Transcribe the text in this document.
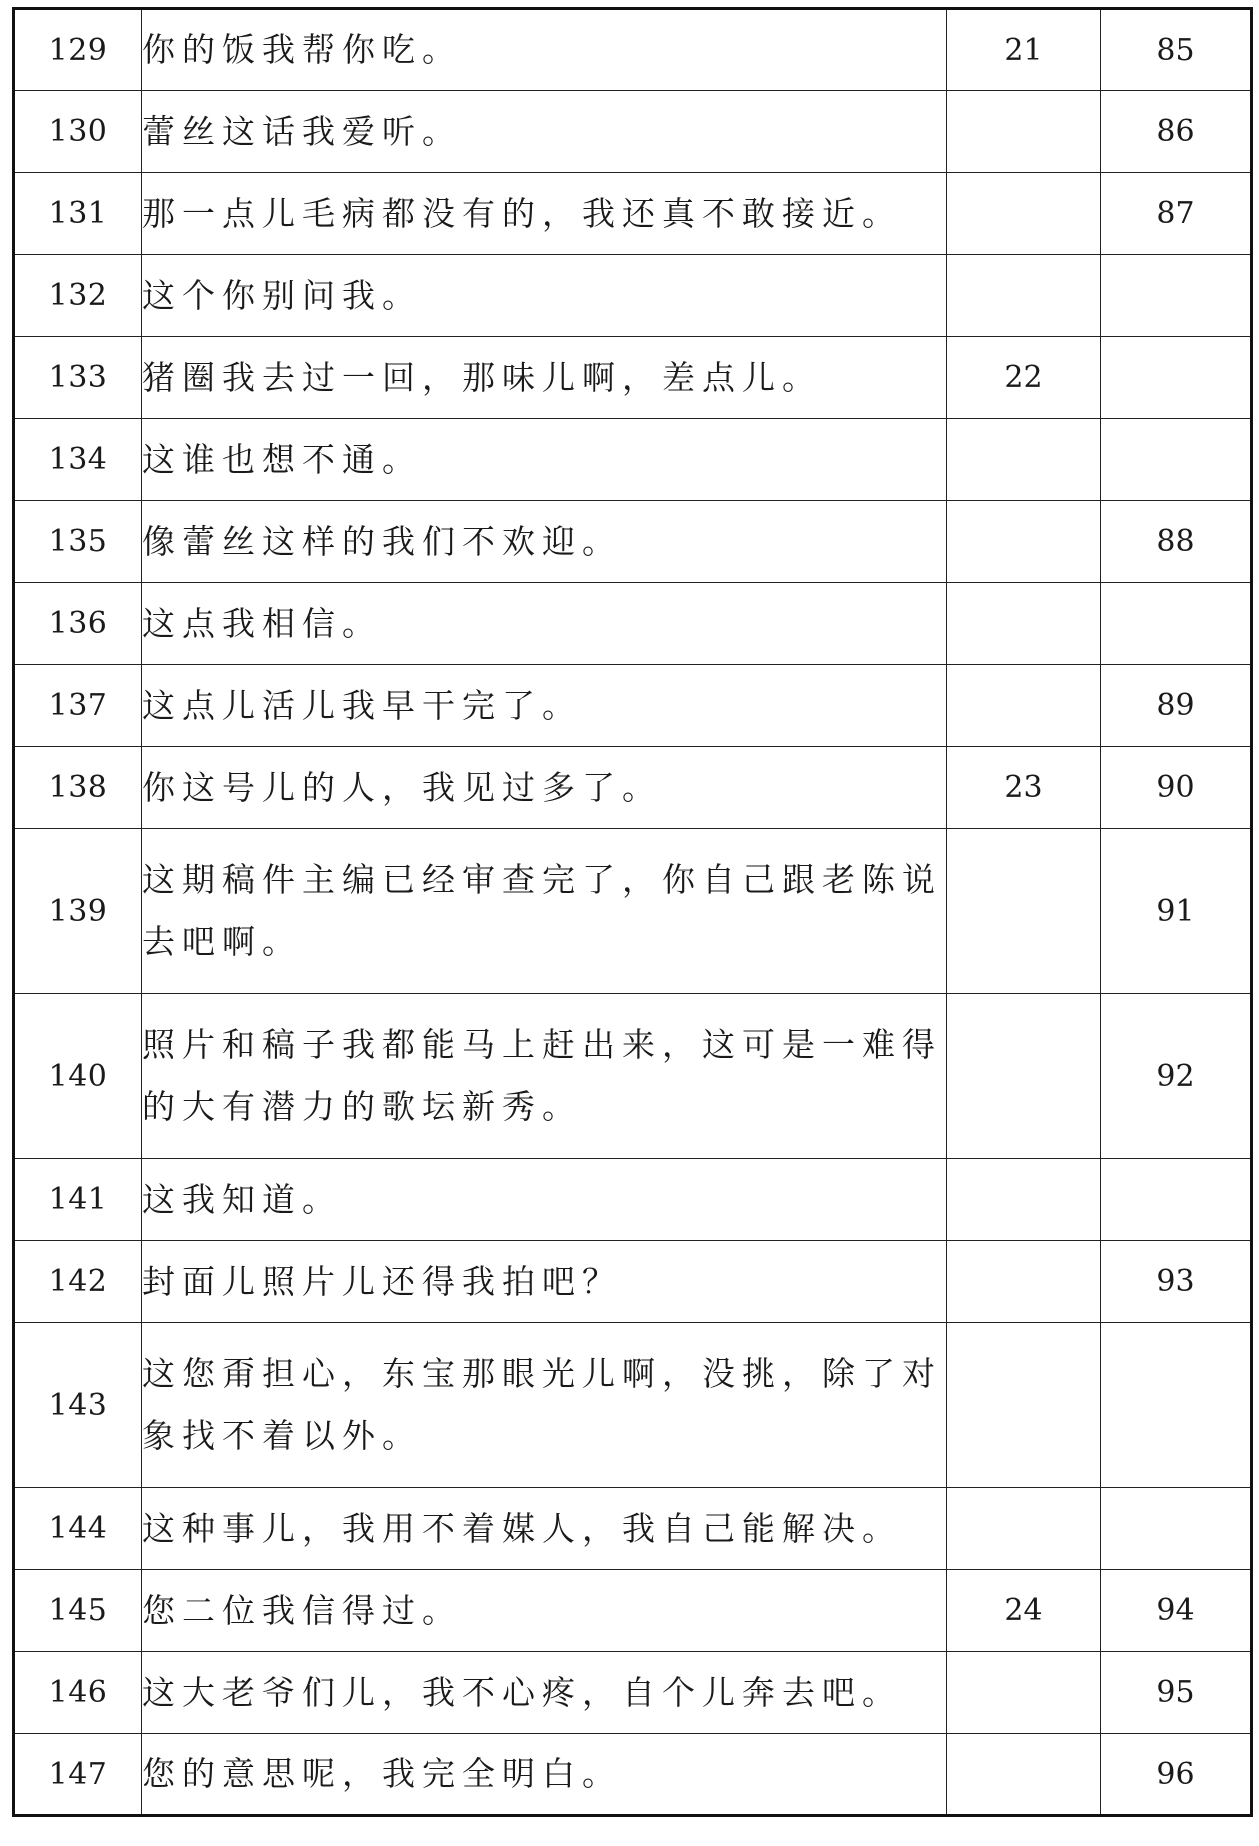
129	你的饭我帮你吃。	21	85
130	蕾丝这话我爱听。		86
131	那一点儿毛病都没有的，我还真不敢接近。		87
132	这个你别问我。		
133	猪圈我去过一回，那味儿啊，差点儿。	22	
134	这谁也想不通。		
135	像蕾丝这样的我们不欢迎。		88
136	这点我相信。		
137	这点儿活儿我早干完了。		89
138	你这号儿的人，我见过多了。	23	90
139	这期稿件主编已经审查完了，你自己跟老陈说去吧啊。		91
140	照片和稿子我都能马上赶出来，这可是一难得的大有潜力的歌坛新秀。		92
141	这我知道。		
142	封面儿照片儿还得我拍吧？		93
143	这您甭担心，东宝那眼光儿啊，没挑，除了对象找不着以外。		
144	这种事儿，我用不着媒人，我自己能解决。		
145	您二位我信得过。	24	94
146	这大老爷们儿，我不心疼，自个儿奔去吧。		95
147	您的意思呢，我完全明白。		96
